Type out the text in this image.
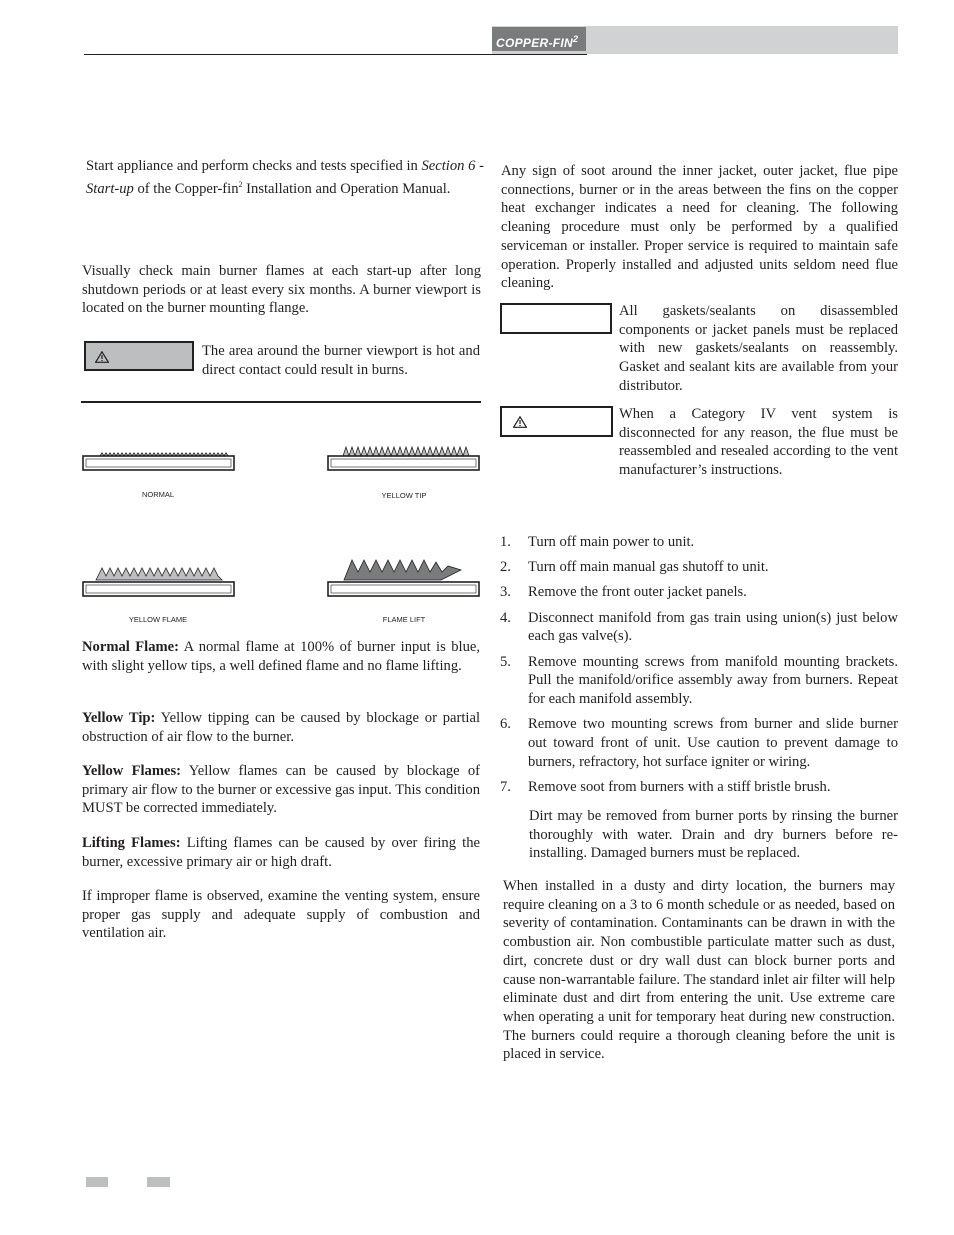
COPPER-FIN$^2$

Start appliance and perform checks and tests specified in Section 6 - Start-up of the Copper-fin$^2$ Installation and Operation Manual.

Visually check main burner flames at each start-up after long shutdown periods or at least every six months. A burner viewport is located on the burner mounting flange.

The area around the burner viewport is hot and direct contact could result in burns.

NORMAL	YELLOW TIP
YELLOW FLAME	FLAME LIFT

Normal Flame: A normal flame at 100% of burner input is blue, with slight yellow tips, a well defined flame and no flame lifting.

Yellow Tip: Yellow tipping can be caused by blockage or partial obstruction of air flow to the burner.

Yellow Flames: Yellow flames can be caused by blockage of primary air flow to the burner or excessive gas input. This condition MUST be corrected immediately.

Lifting Flames: Lifting flames can be caused by over firing the burner, excessive primary air or high draft.

If improper flame is observed, examine the venting system, ensure proper gas supply and adequate supply of combustion and ventilation air.

Any sign of soot around the inner jacket, outer jacket, flue pipe connections, burner or in the areas between the fins on the copper heat exchanger indicates a need for cleaning. The following cleaning procedure must only be performed by a qualified serviceman or installer. Proper service is required to maintain safe operation. Properly installed and adjusted units seldom need flue cleaning.

All gaskets/sealants on disassembled components or jacket panels must be replaced with new gaskets/sealants on reassembly. Gasket and sealant kits are available from your distributor.

When a Category IV vent system is disconnected for any reason, the flue must be reassembled and resealed according to the vent manufacturer’s instructions.

1. Turn off main power to unit.
2. Turn off main manual gas shutoff to unit.
3. Remove the front outer jacket panels.
4. Disconnect manifold from gas train using union(s) just below each gas valve(s).
5. Remove mounting screws from manifold mounting brackets. Pull the manifold/orifice assembly away from burners. Repeat for each manifold assembly.
6. Remove two mounting screws from burner and slide burner out toward front of unit. Use caution to prevent damage to burners, refractory, hot surface igniter or wiring.
7. Remove soot from burners with a stiff bristle brush.

Dirt may be removed from burner ports by rinsing the burner thoroughly with water. Drain and dry burners before re-installing. Damaged burners must be replaced.

When installed in a dusty and dirty location, the burners may require cleaning on a 3 to 6 month schedule or as needed, based on severity of contamination. Contaminants can be drawn in with the combustion air. Non combustible particulate matter such as dust, dirt, concrete dust or dry wall dust can block burner ports and cause non-warrantable failure. The standard inlet air filter will help eliminate dust and dirt from entering the unit. Use extreme care when operating a unit for temporary heat during new construction. The burners could require a thorough cleaning before the unit is placed in service.
